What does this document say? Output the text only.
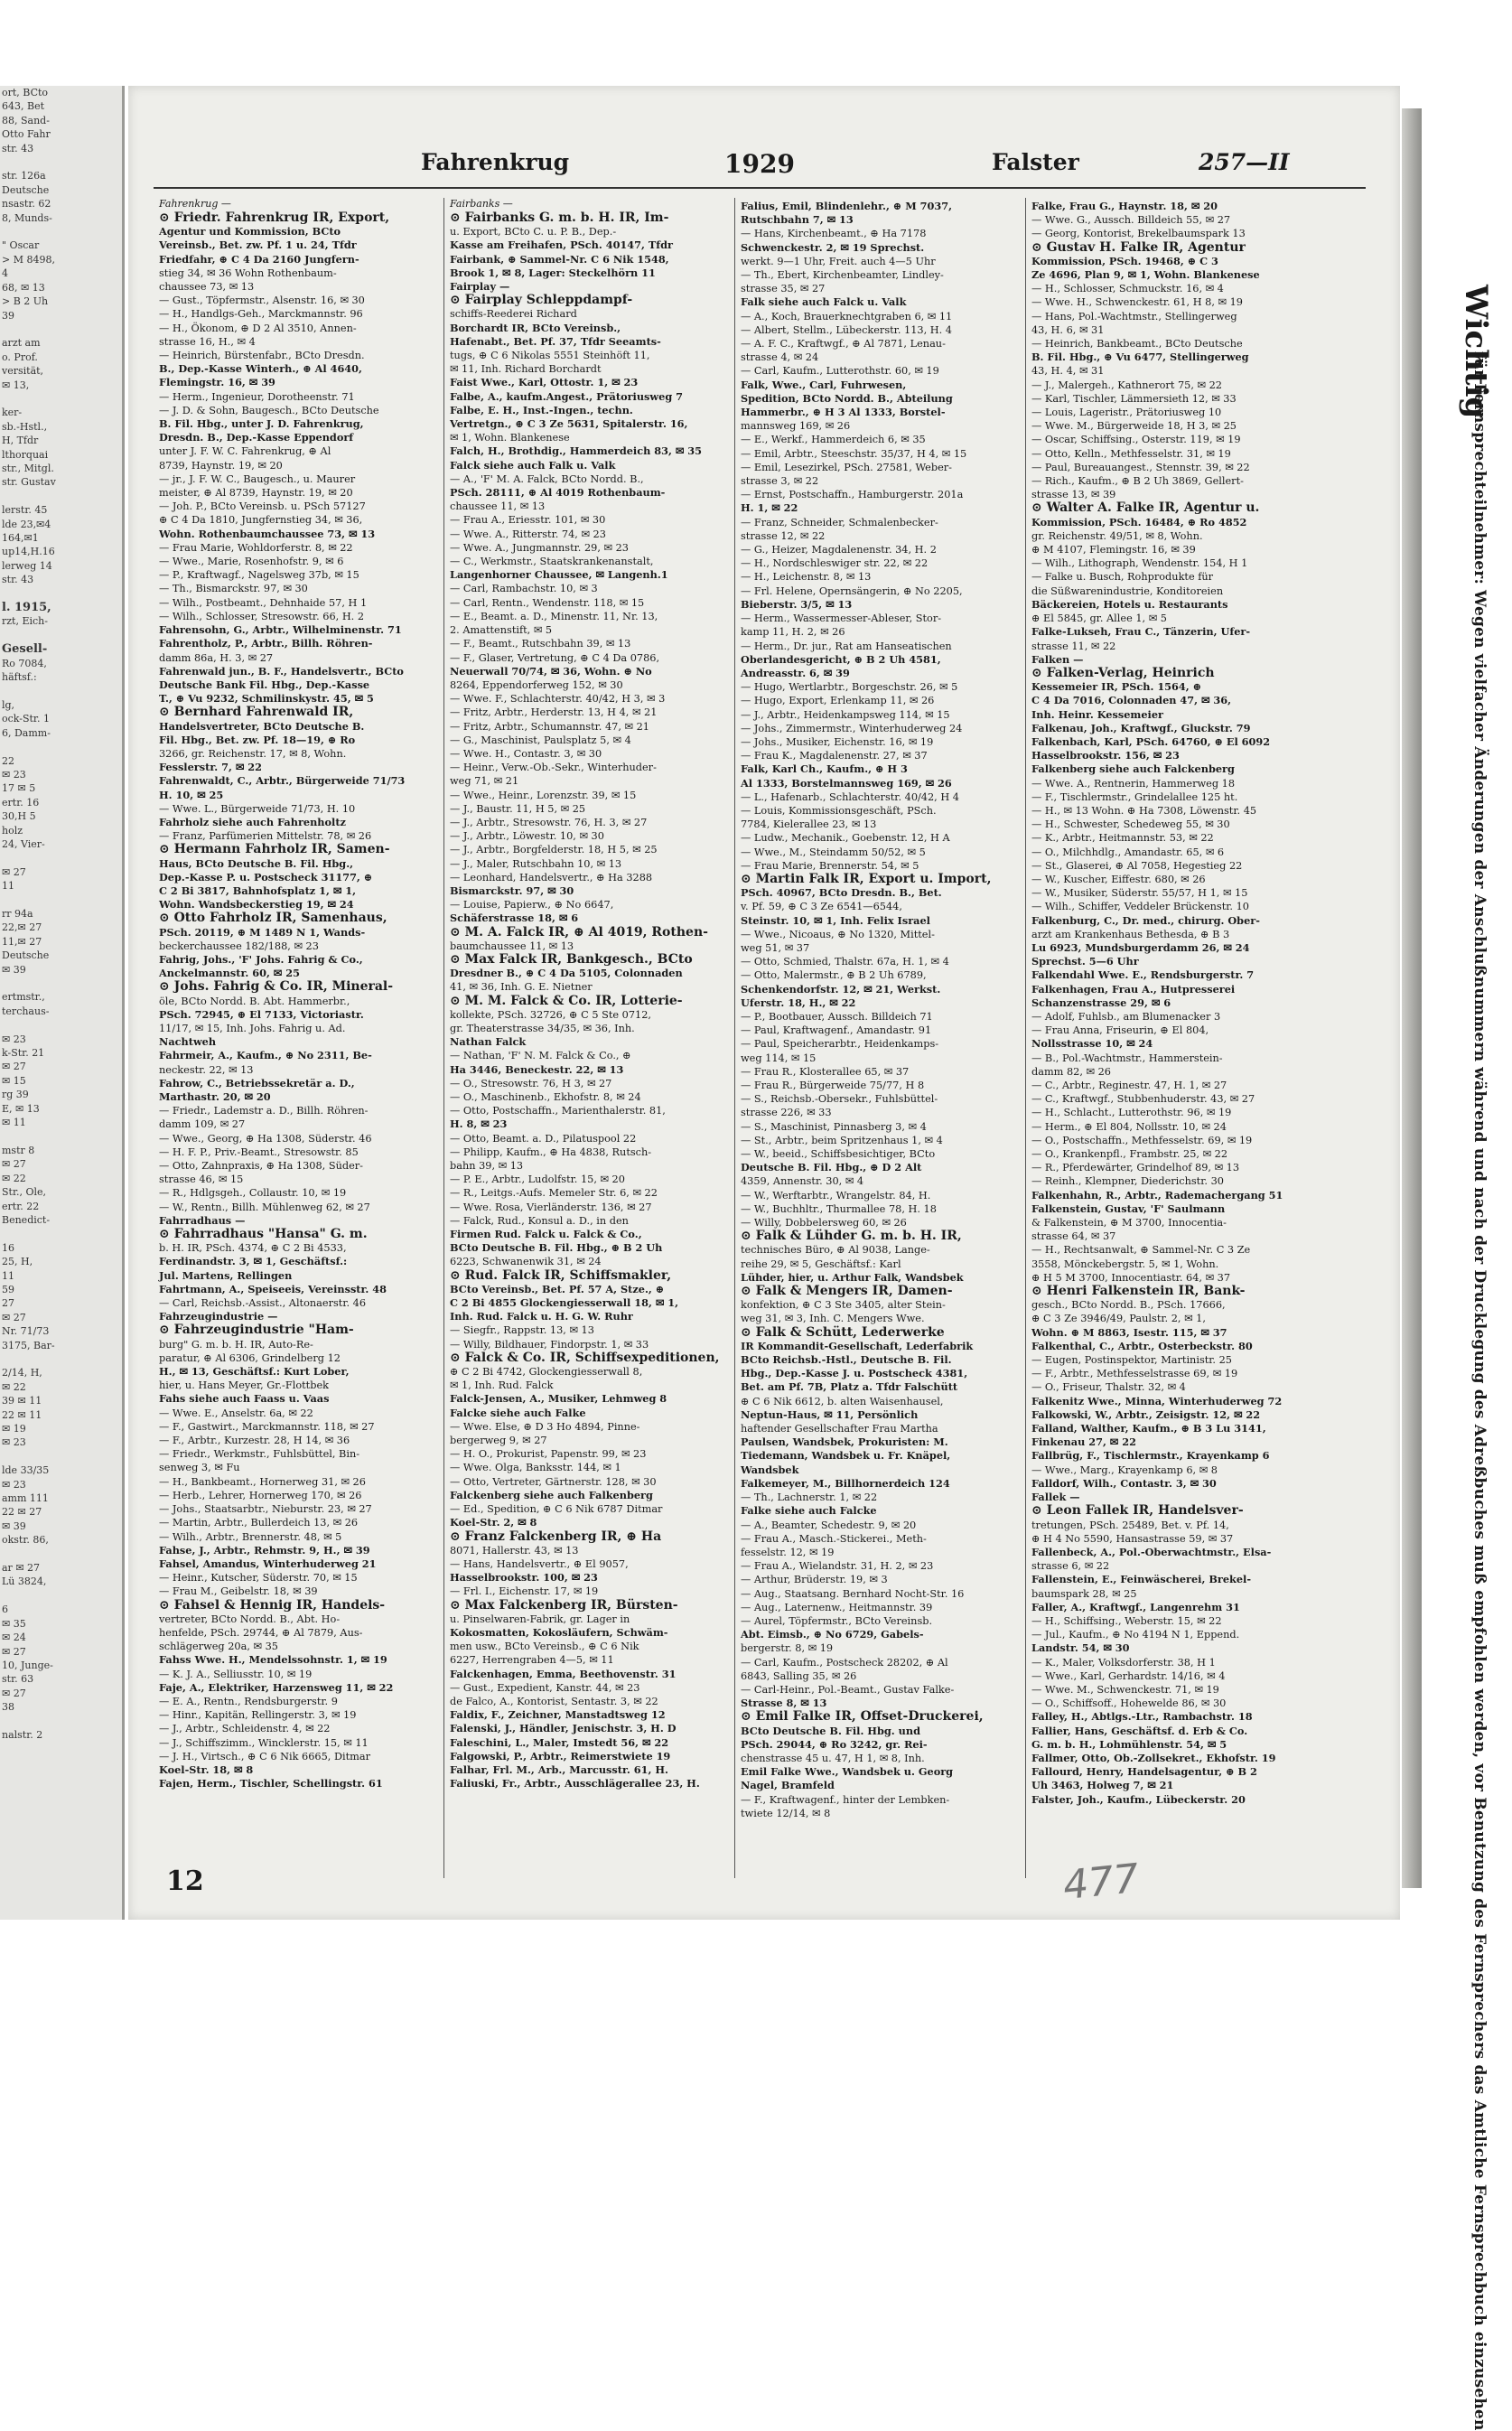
ort, BCto
643, Bet
88, Sand-
Otto Fahr
str. 43

str. 126a
Deutsche
nsastr. 62
8, Munds-

" Oscar
> M 8498,
4
68, ✉ 13
> B 2 Uh
39

arzt am
o. Prof.
versität,
✉ 13,

ker-
sb.-Hstl.,
H, Tfdr
lthorquai
str., Mitgl.
str. Gustav

lerstr. 45
lde 23,✉4
164,✉1
up14,H.16
lerweg 14
str. 43

l. 1915,
rzt, Eich-

Gesell-
Ro 7084,
häftsf.:

lg,
ock-Str. 1
6, Damm-

22
✉ 23
17 ✉ 5
ertr. 16
30,H 5
holz
24, Vier-

✉ 27
11

rr 94a
22,✉ 27
11,✉ 27
Deutsche
✉ 39

ertmstr.,
terchaus-

✉ 23
k-Str. 21
✉ 27
✉ 15
rg 39
E, ✉ 13
✉ 11

mstr 8
✉ 27
✉ 22
Str., Ole,
ertr. 22
Benedict-

16
25, H,
11
59
27
✉ 27
Nr. 71/73
3175, Bar-

2/14, H,
✉ 22
39 ✉ 11
22 ✉ 11
✉ 19
✉ 23

lde 33/35
✉ 23
amm 111
22 ✉ 27
✉ 39
okstr. 86,

ar ✉ 27
Lü 3824,

6
✉ 35
✉ 24
✉ 27
10, Junge-
str. 63
✉ 27
38

nalstr. 2
Fahrenkrug	1929	Falster	257—II
Fahrenkrug —

⊙ Friedr. Fahrenkrug IR, Export,

Agentur und Kommission, BCto

Vereinsb., Bet. zw. Pf. 1 u. 24, Tfdr

Friedfahr, ⊕ C 4 Da 2160 Jungfern-

stieg 34, ✉ 36 Wohn Rothenbaum-

chaussee 73, ✉ 13

— Gust., Töpfermstr., Alsenstr. 16, ✉ 30

— H., Handlgs-Geh., Marckmannstr. 96

— H., Ökonom, ⊕ D 2 Al 3510, Annen-

strasse 16, H., ✉ 4

— Heinrich, Bürstenfabr., BCto Dresdn.

B., Dep.-Kasse Winterh., ⊕ Al 4640,

Flemingstr. 16, ✉ 39

— Herm., Ingenieur, Dorotheenstr. 71

— J. D. & Sohn, Baugesch., BCto Deutsche

B. Fil. Hbg., unter J. D. Fahrenkrug,

Dresdn. B., Dep.-Kasse Eppendorf

unter J. F. W. C. Fahrenkrug, ⊕ Al

8739, Haynstr. 19, ✉ 20

— jr., J. F. W. C., Baugesch., u. Maurer

meister, ⊕ Al 8739, Haynstr. 19, ✉ 20

— Joh. P., BCto Vereinsb. u. PSch 57127

⊕ C 4 Da 1810, Jungfernstieg 34, ✉ 36,

Wohn. Rothenbaumchaussee 73, ✉ 13

— Frau Marie, Wohldorferstr. 8, ✉ 22

— Wwe., Marie, Rosenhofstr. 9, ✉ 6

— P., Kraftwagf., Nagelsweg 37b, ✉ 15

— Th., Bismarckstr. 97, ✉ 30

— Wilh., Postbeamt., Dehnhaide 57, H 1

— Wilh., Schlosser, Stresowstr. 66, H. 2

Fahrensohn, G., Arbtr., Wilhelminenstr. 71

Fahrentholz, P., Arbtr., Billh. Röhren-

damm 86a, H. 3, ✉ 27

Fahrenwald jun., B. F., Handelsvertr., BCto

Deutsche Bank Fil. Hbg., Dep.-Kasse

T., ⊕ Vu 9232, Schmilinskystr. 45, ✉ 5

⊙ Bernhard Fahrenwald IR,

Handelsvertreter, BCto Deutsche B.

Fil. Hbg., Bet. zw. Pf. 18—19, ⊕ Ro

3266, gr. Reichenstr. 17, ✉ 8, Wohn.

Fesslerstr. 7, ✉ 22

Fahrenwaldt, C., Arbtr., Bürgerweide 71/73

H. 10, ✉ 25

— Wwe. L., Bürgerweide 71/73, H. 10

Fahrholz siehe auch Fahrenholtz

— Franz, Parfümerien Mittelstr. 78, ✉ 26

⊙ Hermann Fahrholz IR, Samen-

Haus, BCto Deutsche B. Fil. Hbg.,

Dep.-Kasse P. u. Postscheck 31177, ⊕

C 2 Bi 3817, Bahnhofsplatz 1, ✉ 1,

Wohn. Wandsbeckerstieg 19, ✉ 24

⊙ Otto Fahrholz IR, Samenhaus,

PSch. 20119, ⊕ M 1489 N 1, Wands-

beckerchaussee 182/188, ✉ 23

Fahrig, Johs., 'F' Johs. Fahrig & Co.,

Anckelmannstr. 60, ✉ 25

⊙ Johs. Fahrig & Co. IR, Mineral-

öle, BCto Nordd. B. Abt. Hammerbr.,

PSch. 72945, ⊕ El 7133, Victoriastr.

11/17, ✉ 15, Inh. Johs. Fahrig u. Ad.

Nachtweh

Fahrmeir, A., Kaufm., ⊕ No 2311, Be-

neckestr. 22, ✉ 13

Fahrow, C., Betriebssekretär a. D.,

Marthastr. 20, ✉ 20

— Friedr., Lademstr a. D., Billh. Röhren-

damm 109, ✉ 27

— Wwe., Georg, ⊕ Ha 1308, Süderstr. 46

— H. F. P., Priv.-Beamt., Stresowstr. 85

— Otto, Zahnpraxis, ⊕ Ha 1308, Süder-

strasse 46, ✉ 15

— R., Hdlgsgeh., Collaustr. 10, ✉ 19

— W., Rentn., Billh. Mühlenweg 62, ✉ 27

Fahrradhaus —

⊙ Fahrradhaus "Hansa" G. m.

b. H. IR, PSch. 4374, ⊕ C 2 Bi 4533,

Ferdinandstr. 3, ✉ 1, Geschäftsf.:

Jul. Martens, Rellingen

Fahrtmann, A., Speiseeis, Vereinsstr. 48

— Carl, Reichsb.-Assist., Altonaerstr. 46

Fahrzeugindustrie —

⊙ Fahrzeugindustrie "Ham-

burg" G. m. b. H. IR, Auto-Re-

paratur, ⊕ Al 6306, Grindelberg 12

H., ✉ 13, Geschäftsf.: Kurt Lober,

hier, u. Hans Meyer, Gr.-Flottbek

Fahs siehe auch Faass u. Vaas

— Wwe. E., Anselstr. 6a, ✉ 22

— F., Gastwirt., Marckmannstr. 118, ✉ 27

— F., Arbtr., Kurzestr. 28, H 14, ✉ 36

— Friedr., Werkmstr., Fuhlsbüttel, Bin-

senweg 3, ✉ Fu

— H., Bankbeamt., Hornerweg 31, ✉ 26

— Herb., Lehrer, Hornerweg 170, ✉ 26

— Johs., Staatsarbtr., Nieburstr. 23, ✉ 27

— Martin, Arbtr., Bullerdeich 13, ✉ 26

— Wilh., Arbtr., Brennerstr. 48, ✉ 5

Fahse, J., Arbtr., Rehmstr. 9, H., ✉ 39

Fahsel, Amandus, Winterhuderweg 21

— Heinr., Kutscher, Süderstr. 70, ✉ 15

— Frau M., Geibelstr. 18, ✉ 39

⊙ Fahsel & Hennig IR, Handels-

vertreter, BCto Nordd. B., Abt. Ho-

henfelde, PSch. 29744, ⊕ Al 7879, Aus-

schlägerweg 20a, ✉ 35

Fahss Wwe. H., Mendelssohnstr. 1, ✉ 19

— K. J. A., Selliusstr. 10, ✉ 19

Faje, A., Elektriker, Harzensweg 11, ✉ 22

— E. A., Rentn., Rendsburgerstr. 9

— Hinr., Kapitän, Rellingerstr. 3, ✉ 19

— J., Arbtr., Schleidenstr. 4, ✉ 22

— J., Schiffszimm., Wincklerstr. 15, ✉ 11

— J. H., Virtsch., ⊕ C 6 Nik 6665, Ditmar

Koel-Str. 18, ✉ 8

Fajen, Herm., Tischler, Schellingstr. 61

Fairbanks —

⊙ Fairbanks G. m. b. H. IR, Im-

u. Export, BCto C. u. P. B., Dep.-

Kasse am Freihafen, PSch. 40147, Tfdr

Fairbank, ⊕ Sammel-Nr. C 6 Nik 1548,

Brook 1, ✉ 8, Lager: Steckelhörn 11

Fairplay —

⊙ Fairplay Schleppdampf-

schiffs-Reederei Richard

Borchardt IR, BCto Vereinsb.,

Hafenabt., Bet. Pf. 37, Tfdr Seeamts-

tugs, ⊕ C 6 Nikolas 5551 Steinhöft 11,

✉ 11, Inh. Richard Borchardt

Faist Wwe., Karl, Ottostr. 1, ✉ 23

Falbe, A., kaufm.Angest., Prätoriusweg 7

Falbe, E. H., Inst.-Ingen., techn.

Vertretgn., ⊕ C 3 Ze 5631, Spitalerstr. 16,

✉ 1, Wohn. Blankenese

Falch, H., Brothdig., Hammerdeich 83, ✉ 35

Falck siehe auch Falk u. Valk

— A., 'F' M. A. Falck, BCto Nordd. B.,

PSch. 28111, ⊕ Al 4019 Rothenbaum-

chaussee 11, ✉ 13

— Frau A., Eriesstr. 101, ✉ 30

— Wwe. A., Ritterstr. 74, ✉ 23

— Wwe. A., Jungmannstr. 29, ✉ 23

— C., Werkmstr., Staatskrankenanstalt,

Langenhorner Chaussee, ✉ Langenh.1

— Carl, Rambachstr. 10, ✉ 3

— Carl, Rentn., Wendenstr. 118, ✉ 15

— E., Beamt. a. D., Minenstr. 11, Nr. 13,

2. Amattenstift, ✉ 5

— F., Beamt., Rutschbahn 39, ✉ 13

— F., Glaser, Vertretung, ⊕ C 4 Da 0786,

Neuerwall 70/74, ✉ 36, Wohn. ⊕ No

8264, Eppendorferweg 152, ✉ 30

— Wwe. F., Schlachterstr. 40/42, H 3, ✉ 3

— Fritz, Arbtr., Herderstr. 13, H 4, ✉ 21

— Fritz, Arbtr., Schumannstr. 47, ✉ 21

— G., Maschinist, Paulsplatz 5, ✉ 4

— Wwe. H., Contastr. 3, ✉ 30

— Heinr., Verw.-Ob.-Sekr., Winterhuder-

weg 71, ✉ 21

— Wwe., Heinr., Lorenzstr. 39, ✉ 15

— J., Baustr. 11, H 5, ✉ 25

— J., Arbtr., Stresowstr. 76, H. 3, ✉ 27

— J., Arbtr., Löwestr. 10, ✉ 30

— J., Arbtr., Borgfelderstr. 18, H 5, ✉ 25

— J., Maler, Rutschbahn 10, ✉ 13

— Leonhard, Handelsvertr., ⊕ Ha 3288

Bismarckstr. 97, ✉ 30

— Louise, Papierw., ⊕ No 6647,

Schäferstrasse 18, ✉ 6

⊙ M. A. Falck IR, ⊕ Al 4019, Rothen-

baumchaussee 11, ✉ 13

⊙ Max Falck IR, Bankgesch., BCto

Dresdner B., ⊕ C 4 Da 5105, Colonnaden

41, ✉ 36, Inh. G. E. Nietner

⊙ M. M. Falck & Co. IR, Lotterie-

kollekte, PSch. 32726, ⊕ C 5 Ste 0712,

gr. Theaterstrasse 34/35, ✉ 36, Inh.

Nathan Falck

— Nathan, 'F' N. M. Falck & Co., ⊕

Ha 3446, Beneckestr. 22, ✉ 13

— O., Stresowstr. 76, H 3, ✉ 27

— O., Maschinenb., Ekhofstr. 8, ✉ 24

— Otto, Postschaffn., Marienthalerstr. 81,

H. 8, ✉ 23

— Otto, Beamt. a. D., Pilatuspool 22

— Philipp, Kaufm., ⊕ Ha 4838, Rutsch-

bahn 39, ✉ 13

— P. E., Arbtr., Ludolfstr. 15, ✉ 20

— R., Leitgs.-Aufs. Memeler Str. 6, ✉ 22

— Wwe. Rosa, Vierländerstr. 136, ✉ 27

— Falck, Rud., Konsul a. D., in den

Firmen Rud. Falck u. Falck & Co.,

BCto Deutsche B. Fil. Hbg., ⊕ B 2 Uh

6223, Schwanenwik 31, ✉ 24

⊙ Rud. Falck IR, Schiffsmakler,

BCto Vereinsb., Bet. Pf. 57 A, Stze., ⊕

C 2 Bi 4855 Glockengiesserwall 18, ✉ 1,

Inh. Rud. Falck u. H. G. W. Ruhr

— Siegfr., Rappstr. 13, ✉ 13

— Willy, Bildhauer, Findorpstr. 1, ✉ 33

⊙ Falck & Co. IR, Schiffsexpeditionen,

⊕ C 2 Bi 4742, Glockengiesserwall 8,

✉ 1, Inh. Rud. Falck

Falck-Jensen, A., Musiker, Lehmweg 8

Falcke siehe auch Falke

— Wwe. Else, ⊕ D 3 Ho 4894, Pinne-

bergerweg 9, ✉ 27

— H. O., Prokurist, Papenstr. 99, ✉ 23

— Wwe. Olga, Banksstr. 144, ✉ 1

— Otto, Vertreter, Gärtnerstr. 128, ✉ 30

Falckenberg siehe auch Falkenberg

— Ed., Spedition, ⊕ C 6 Nik 6787 Ditmar

Koel-Str. 2, ✉ 8

⊙ Franz Falckenberg IR, ⊕ Ha

8071, Hallerstr. 43, ✉ 13

— Hans, Handelsvertr., ⊕ El 9057,

Hasselbrookstr. 100, ✉ 23

— Frl. I., Eichenstr. 17, ✉ 19

⊙ Max Falckenberg IR, Bürsten-

u. Pinselwaren-Fabrik, gr. Lager in

Kokosmatten, Kokosläufern, Schwäm-

men usw., BCto Vereinsb., ⊕ C 6 Nik

6227, Herrengraben 4—5, ✉ 11

Falckenhagen, Emma, Beethovenstr. 31

— Gust., Expedient, Kanstr. 44, ✉ 23

de Falco, A., Kontorist, Sentastr. 3, ✉ 22

Faldix, F., Zeichner, Manstadtsweg 12

Falenski, J., Händler, Jenischstr. 3, H. D

Faleschini, L., Maler, Imstedt 56, ✉ 22

Falgowski, P., Arbtr., Reimerstwiete 19

Falhar, Frl. M., Arb., Marcusstr. 61, H.

Faliuski, Fr., Arbtr., Ausschlägerallee 23, H.

Falius, Emil, Blindenlehr., ⊕ M 7037,

Rutschbahn 7, ✉ 13

— Hans, Kirchenbeamt., ⊕ Ha 7178

Schwenckestr. 2, ✉ 19 Sprechst.

werkt. 9—1 Uhr, Freit. auch 4—5 Uhr

— Th., Ebert, Kirchenbeamter, Lindley-

strasse 35, ✉ 27

Falk siehe auch Falck u. Valk

— A., Koch, Brauerknechtgraben 6, ✉ 11

— Albert, Stellm., Lübeckerstr. 113, H. 4

— A. F. C., Kraftwgf., ⊕ Al 7871, Lenau-

strasse 4, ✉ 24

— Carl, Kaufm., Lutterothstr. 60, ✉ 19

Falk, Wwe., Carl, Fuhrwesen,

Spedition, BCto Nordd. B., Abteilung

Hammerbr., ⊕ H 3 Al 1333, Borstel-

mannsweg 169, ✉ 26

— E., Werkf., Hammerdeich 6, ✉ 35

— Emil, Arbtr., Steeschstr. 35/37, H 4, ✉ 15

— Emil, Lesezirkel, PSch. 27581, Weber-

strasse 3, ✉ 22

— Ernst, Postschaffn., Hamburgerstr. 201a

H. 1, ✉ 22

— Franz, Schneider, Schmalenbecker-

strasse 12, ✉ 22

— G., Heizer, Magdalenenstr. 34, H. 2

— H., Nordschleswiger str. 22, ✉ 22

— H., Leichenstr. 8, ✉ 13

— Frl. Helene, Opernsängerin, ⊕ No 2205,

Bieberstr. 3/5, ✉ 13

— Herm., Wassermesser-Ableser, Stor-

kamp 11, H. 2, ✉ 26

— Herm., Dr. jur., Rat am Hanseatischen

Oberlandesgericht, ⊕ B 2 Uh 4581,

Andreasstr. 6, ✉ 39

— Hugo, Wertlarbtr., Borgeschstr. 26, ✉ 5

— Hugo, Export, Erlenkamp 11, ✉ 26

— J., Arbtr., Heidenkampsweg 114, ✉ 15

— Johs., Zimmermstr., Winterhuderweg 24

— Johs., Musiker, Eichenstr. 16, ✉ 19

— Frau K., Magdalenenstr. 27, ✉ 37

Falk, Karl Ch., Kaufm., ⊕ H 3

Al 1333, Borstelmannsweg 169, ✉ 26

— L., Hafenarb., Schlachterstr. 40/42, H 4

— Louis, Kommissionsgeschäft, PSch.

7784, Kielerallee 23, ✉ 13

— Ludw., Mechanik., Goebenstr. 12, H A

— Wwe., M., Steindamm 50/52, ✉ 5

— Frau Marie, Brennerstr. 54, ✉ 5

⊙ Martin Falk IR, Export u. Import,

PSch. 40967, BCto Dresdn. B., Bet.

v. Pf. 59, ⊕ C 3 Ze 6541—6544,

Steinstr. 10, ✉ 1, Inh. Felix Israel

— Wwe., Nicoaus, ⊕ No 1320, Mittel-

weg 51, ✉ 37

— Otto, Schmied, Thalstr. 67a, H. 1, ✉ 4

— Otto, Malermstr., ⊕ B 2 Uh 6789,

Schenkendorfstr. 12, ✉ 21, Werkst.

Uferstr. 18, H., ✉ 22

— P., Bootbauer, Aussch. Billdeich 71

— Paul, Kraftwagenf., Amandastr. 91

— Paul, Speicherarbtr., Heidenkamps-

weg 114, ✉ 15

— Frau R., Klosterallee 65, ✉ 37

— Frau R., Bürgerweide 75/77, H 8

— S., Reichsb.-Obersekr., Fuhlsbüttel-

strasse 226, ✉ 33

— S., Maschinist, Pinnasberg 3, ✉ 4

— St., Arbtr., beim Spritzenhaus 1, ✉ 4

— W., beeid., Schiffsbesichtiger, BCto

Deutsche B. Fil. Hbg., ⊕ D 2 Alt

4359, Annenstr. 30, ✉ 4

— W., Werftarbtr., Wrangelstr. 84, H.

— W., Buchhltr., Thurmallee 78, H. 18

— Willy, Dobbelersweg 60, ✉ 26

⊙ Falk & Lühder G. m. b. H. IR,

technisches Büro, ⊕ Al 9038, Lange-

reihe 29, ✉ 5, Geschäftsf.: Karl

Lühder, hier, u. Arthur Falk, Wandsbek

⊙ Falk & Mengers IR, Damen-

konfektion, ⊕ C 3 Ste 3405, alter Stein-

weg 31, ✉ 3, Inh. C. Mengers Wwe.

⊙ Falk & Schütt, Lederwerke

IR Kommandit-Gesellschaft, Lederfabrik

BCto Reichsb.-Hstl., Deutsche B. Fil.

Hbg., Dep.-Kasse J. u. Postscheck 4381,

Bet. am Pf. 7B, Platz a. Tfdr Falschütt

⊕ C 6 Nik 6612, b. alten Waisenhausel,

Neptun-Haus, ✉ 11, Persönlich

haftender Gesellschafter Frau Martha

Paulsen, Wandsbek, Prokuristen: M.

Tiedemann, Wandsbek u. Fr. Knäpel,

Wandsbek

Falkemeyer, M., Billhornerdeich 124

— Th., Lachnerstr. 1, ✉ 22

Falke siehe auch Falcke

— A., Beamter, Schedestr. 9, ✉ 20

— Frau A., Masch.-Stickerei., Meth-

fesselstr. 12, ✉ 19

— Frau A., Wielandstr. 31, H. 2, ✉ 23

— Arthur, Brüderstr. 19, ✉ 3

— Aug., Staatsang. Bernhard Nocht-Str. 16

— Aug., Laternenw., Heitmannstr. 39

— Aurel, Töpfermstr., BCto Vereinsb.

Abt. Eimsb., ⊕ No 6729, Gabels-

bergerstr. 8, ✉ 19

— Carl, Kaufm., Postscheck 28202, ⊕ Al

6843, Salling 35, ✉ 26

— Carl-Heinr., Pol.-Beamt., Gustav Falke-

Strasse 8, ✉ 13

⊙ Emil Falke IR, Offset-Druckerei,

BCto Deutsche B. Fil. Hbg. und

PSch. 29044, ⊕ Ro 3242, gr. Rei-

chenstrasse 45 u. 47, H 1, ✉ 8, Inh.

Emil Falke Wwe., Wandsbek u. Georg

Nagel, Bramfeld

— F., Kraftwagenf., hinter der Lembken-

twiete 12/14, ✉ 8

Falke, Frau G., Haynstr. 18, ✉ 20

— Wwe. G., Aussch. Billdeich 55, ✉ 27

— Georg, Kontorist, Brekelbaumspark 13

⊙ Gustav H. Falke IR, Agentur

Kommission, PSch. 19468, ⊕ C 3

Ze 4696, Plan 9, ✉ 1, Wohn. Blankenese

— H., Schlosser, Schmuckstr. 16, ✉ 4

— Wwe. H., Schwenckestr. 61, H 8, ✉ 19

— Hans, Pol.-Wachtmstr., Stellingerweg

43, H. 6, ✉ 31

— Heinrich, Bankbeamt., BCto Deutsche

B. Fil. Hbg., ⊕ Vu 6477, Stellingerweg

43, H. 4, ✉ 31

— J., Malergeh., Kathnerort 75, ✉ 22

— Karl, Tischler, Lämmersieth 12, ✉ 33

— Louis, Lageristr., Prätoriusweg 10

— Wwe. M., Bürgerweide 18, H 3, ✉ 25

— Oscar, Schiffsing., Osterstr. 119, ✉ 19

— Otto, Kelln., Methfesselstr. 31, ✉ 19

— Paul, Bureauangest., Stennstr. 39, ✉ 22

— Rich., Kaufm., ⊕ B 2 Uh 3869, Gellert-

strasse 13, ✉ 39

⊙ Walter A. Falke IR, Agentur u.

Kommission, PSch. 16484, ⊕ Ro 4852

gr. Reichenstr. 49/51, ✉ 8, Wohn.

⊕ M 4107, Flemingstr. 16, ✉ 39

— Wilh., Lithograph, Wendenstr. 154, H 1

— Falke u. Busch, Rohprodukte für

die Süßwarenindustrie, Konditoreien

Bäckereien, Hotels u. Restaurants

⊕ El 5845, gr. Allee 1, ✉ 5

Falke-Lukseh, Frau C., Tänzerin, Ufer-

strasse 11, ✉ 22

Falken —

⊙ Falken-Verlag, Heinrich

Kessemeier IR, PSch. 1564, ⊕

C 4 Da 7016, Colonnaden 47, ✉ 36,

Inh. Heinr. Kessemeier

Falkenau, Joh., Kraftwgf., Gluckstr. 79

Falkenbach, Karl, PSch. 64760, ⊕ El 6092

Hasselbrookstr. 156, ✉ 23

Falkenberg siehe auch Falckenberg

— Wwe. A., Rentnerin, Hammerweg 18

— F., Tischlermstr., Grindelallee 125 ht.

— H., ✉ 13 Wohn. ⊕ Ha 7308, Löwenstr. 45

— H., Schwester, Schedeweg 55, ✉ 30

— K., Arbtr., Heitmannstr. 53, ✉ 22

— O., Milchhdlg., Amandastr. 65, ✉ 6

— St., Glaserei, ⊕ Al 7058, Hegestieg 22

— W., Kuscher, Eiffestr. 680, ✉ 26

— W., Musiker, Süderstr. 55/57, H 1, ✉ 15

— Wilh., Schiffer, Veddeler Brückenstr. 10

Falkenburg, C., Dr. med., chirurg. Ober-

arzt am Krankenhaus Bethesda, ⊕ B 3

Lu 6923, Mundsburgerdamm 26, ✉ 24

Sprechst. 5—6 Uhr

Falkendahl Wwe. E., Rendsburgerstr. 7

Falkenhagen, Frau A., Hutpresserei

Schanzenstrasse 29, ✉ 6

— Adolf, Fuhlsb., am Blumenacker 3

— Frau Anna, Friseurin, ⊕ El 804,

Nollsstrasse 10, ✉ 24

— B., Pol.-Wachtmstr., Hammerstein-

damm 82, ✉ 26

— C., Arbtr., Reginestr. 47, H. 1, ✉ 27

— C., Kraftwgf., Stubbenhuderstr. 43, ✉ 27

— H., Schlacht., Lutterothstr. 96, ✉ 19

— Herm., ⊕ El 804, Nollsstr. 10, ✉ 24

— O., Postschaffn., Methfesselstr. 69, ✉ 19

— O., Krankenpfl., Frambstr. 25, ✉ 22

— R., Pferdewärter, Grindelhof 89, ✉ 13

— Reinh., Klempner, Diederichstr. 30

Falkenhahn, R., Arbtr., Rademachergang 51

Falkenstein, Gustav, 'F' Saulmann

& Falkenstein, ⊕ M 3700, Innocentia-

strasse 64, ✉ 37

— H., Rechtsanwalt, ⊕ Sammel-Nr. C 3 Ze

3558, Mönckebergstr. 5, ✉ 1, Wohn.

⊕ H 5 M 3700, Innocentiastr. 64, ✉ 37

⊙ Henri Falkenstein IR, Bank-

gesch., BCto Nordd. B., PSch. 17666,

⊕ C 3 Ze 3946/49, Paulstr. 2, ✉ 1,

Wohn. ⊕ M 8863, Isestr. 115, ✉ 37

Falkenthal, C., Arbtr., Osterbeckstr. 80

— Eugen, Postinspektor, Martinistr. 25

— F., Arbtr., Methfesselstrasse 69, ✉ 19

— O., Friseur, Thalstr. 32, ✉ 4

Falkenitz Wwe., Minna, Winterhuderweg 72

Falkowski, W., Arbtr., Zeisigstr. 12, ✉ 22

Falland, Walther, Kaufm., ⊕ B 3 Lu 3141,

Finkenau 27, ✉ 22

Fallbrüg, F., Tischlermstr., Krayenkamp 6

— Wwe., Marg., Krayenkamp 6, ✉ 8

Falldorf, Wilh., Contastr. 3, ✉ 30

Fallek —

⊙ Leon Fallek IR, Handelsver-

tretungen, PSch. 25489, Bet. v. Pf. 14,

⊕ H 4 No 5590, Hansastrasse 59, ✉ 37

Fallenbeck, A., Pol.-Oberwachtmstr., Elsa-

strasse 6, ✉ 22

Fallenstein, E., Feinwäscherei, Brekel-

baumspark 28, ✉ 25

Faller, A., Kraftwgf., Langenrehm 31

— H., Schiffsing., Weberstr. 15, ✉ 22

— Jul., Kaufm., ⊕ No 4194 N 1, Eppend.

Landstr. 54, ✉ 30

— K., Maler, Volksdorferstr. 38, H 1

— Wwe., Karl, Gerhardstr. 14/16, ✉ 4

— Wwe. M., Schwenckestr. 71, ✉ 19

— O., Schiffsoff., Hohewelde 86, ✉ 30

Falley, H., Abtlgs.-Ltr., Rambachstr. 18

Fallier, Hans, Geschäftsf. d. Erb & Co.

G. m. b. H., Lohmühlenstr. 54, ✉ 5

Fallmer, Otto, Ob.-Zollsekret., Ekhofstr. 19

Fallourd, Henry, Handelsagentur, ⊕ B 2

Uh 3463, Holweg 7, ✉ 21

Falster, Joh., Kaufm., Lübeckerstr. 20

12	477
Wichtig
für Fernsprechteilnehmer: Wegen vielfacher Änderungen der Anschlußnummern während und nach der Drucklegung des Adreßbuches muß empfohlen werden, vor Benutzung des Fernsprechers das Amtliche Fernsprechbuch einzusehen
